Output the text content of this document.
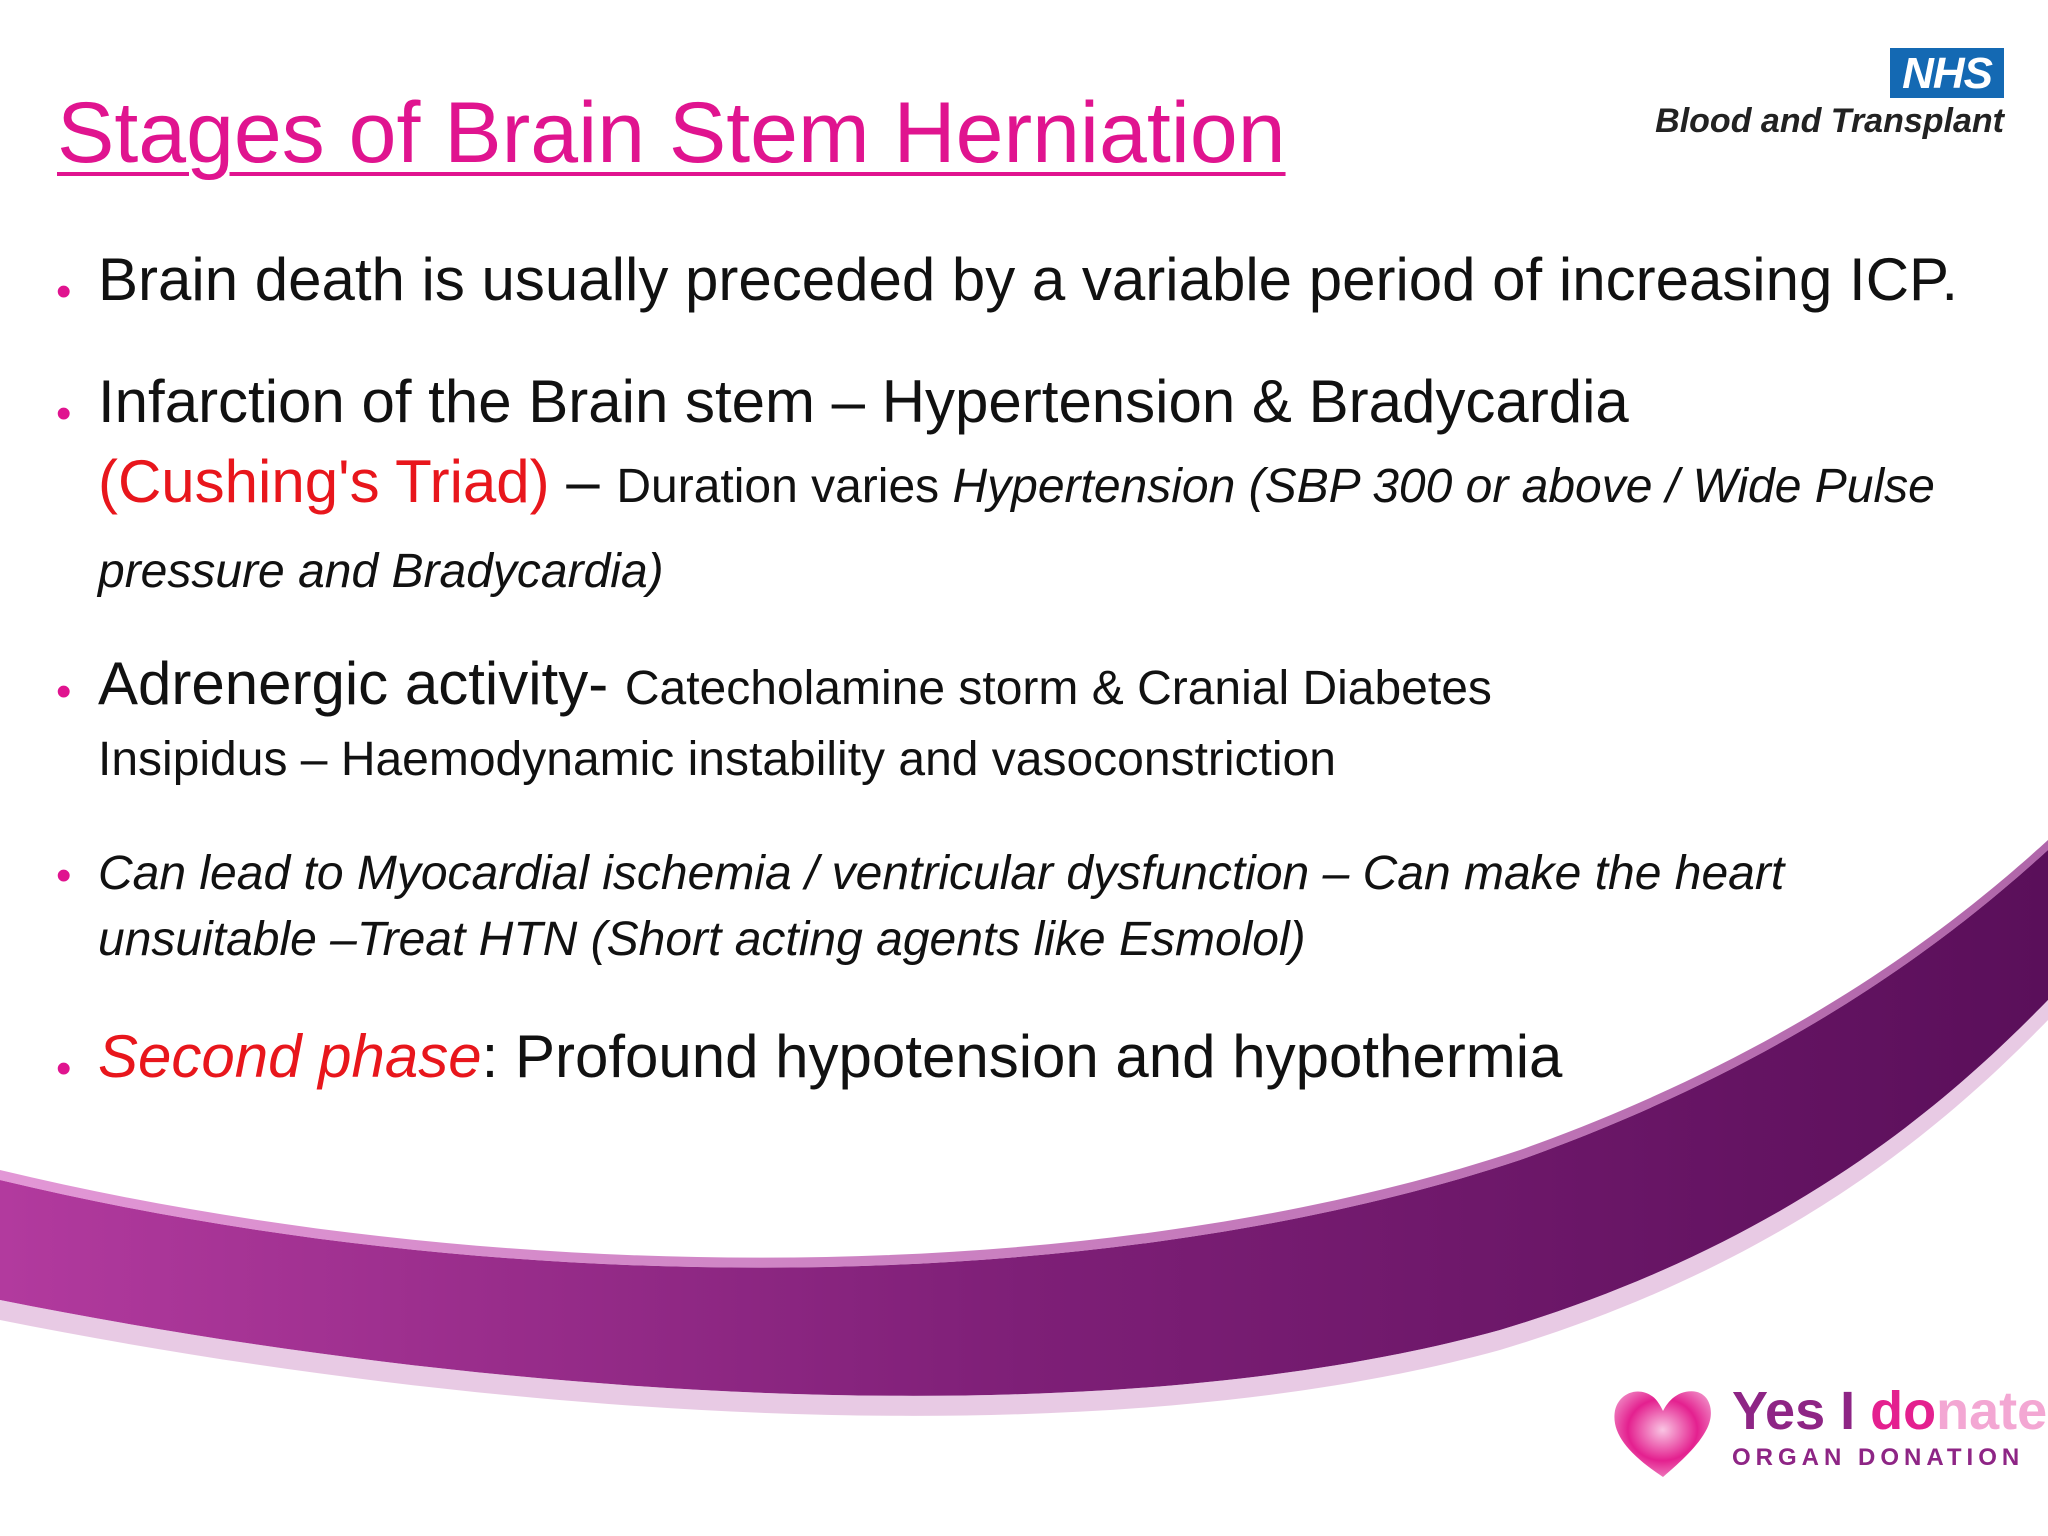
Stages of Brain Stem Herniation
NHS
Blood and Transplant
• Brain death is usually preceded by a variable period of increasing ICP.
• Infarction of the Brain stem – Hypertension & Bradycardia
(Cushing's Triad) – Duration varies Hypertension (SBP 300 or above / Wide Pulse pressure and Bradycardia)
• Adrenergic activity- Catecholamine storm & Cranial Diabetes
Insipidus – Haemodynamic instability and vasoconstriction
• Can lead to Myocardial ischemia / ventricular dysfunction – Can make the heart unsuitable –Treat HTN (Short acting agents like Esmolol)
• Second phase: Profound hypotension and hypothermia
Yes I donate
ORGAN DONATION
